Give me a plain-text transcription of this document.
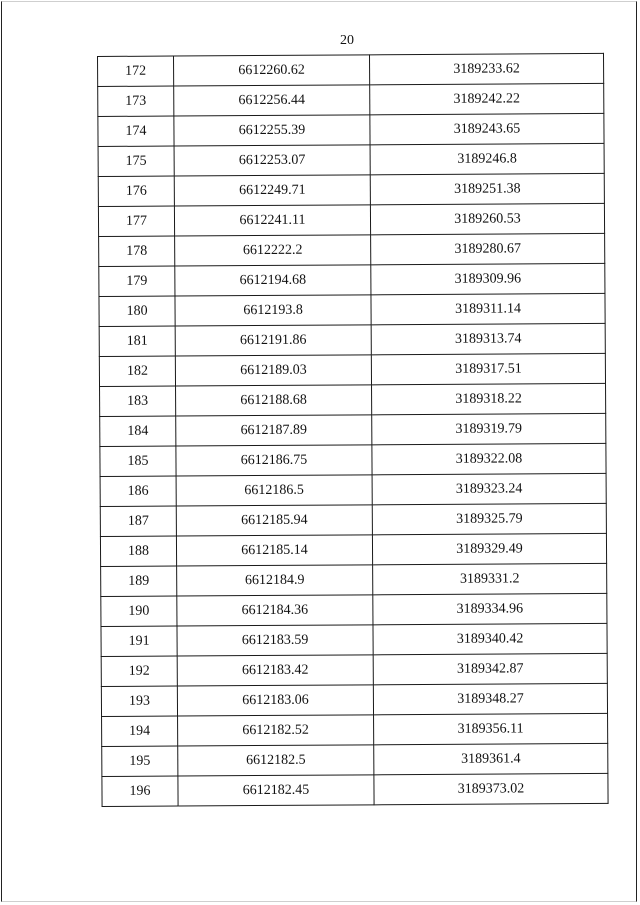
20
172	6612260.62	3189233.62
173	6612256.44	3189242.22
174	6612255.39	3189243.65
175	6612253.07	3189246.8
176	6612249.71	3189251.38
177	6612241.11	3189260.53
178	6612222.2	3189280.67
179	6612194.68	3189309.96
180	6612193.8	3189311.14
181	6612191.86	3189313.74
182	6612189.03	3189317.51
183	6612188.68	3189318.22
184	6612187.89	3189319.79
185	6612186.75	3189322.08
186	6612186.5	3189323.24
187	6612185.94	3189325.79
188	6612185.14	3189329.49
189	6612184.9	3189331.2
190	6612184.36	3189334.96
191	6612183.59	3189340.42
192	6612183.42	3189342.87
193	6612183.06	3189348.27
194	6612182.52	3189356.11
195	6612182.5	3189361.4
196	6612182.45	3189373.02
